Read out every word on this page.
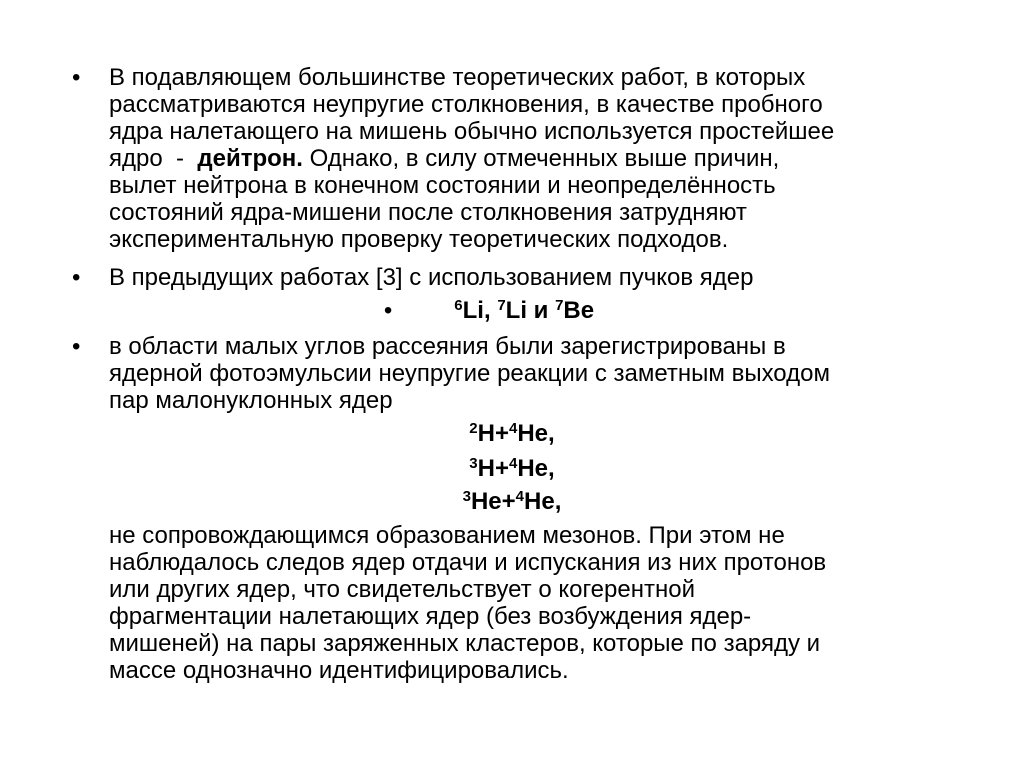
• В подавляющем большинстве теоретических работ, в которых
рассматриваются неупругие столкновения, в качестве пробного
ядра налетающего на мишень обычно используется простейшее
ядро  -  дейтрон. Однако, в силу отмеченных выше причин,
вылет нейтрона в конечном состоянии и неопределённость
состояний ядра-мишени после столкновения затрудняют
экспериментальную проверку теоретических подходов.
• В предыдущих работах [3] с использованием пучков ядер
•	$^6$Li, $^7$Li и $^7$Be
• в области малых углов рассеяния были зарегистрированы в
ядерной фотоэмульсии неупругие реакции с заметным выходом
пар малонуклонных ядер
$^2$H+$^4$He,
$^3$H+$^4$He,
$^3$He+$^4$He,
не сопровождающимся образованием мезонов. При этом не
наблюдалось следов ядер отдачи и испускания из них протонов
или других ядер, что свидетельствует о когерентной
фрагментации налетающих ядер (без возбуждения ядер-
мишеней) на пары заряженных кластеров, которые по заряду и
массе однозначно идентифицировались.
